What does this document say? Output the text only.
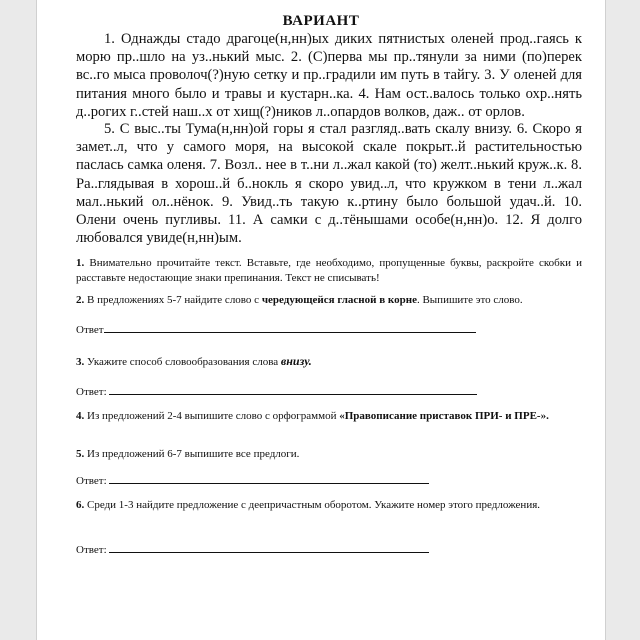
ВАРИАНТ
1. Однажды стадо драгоце(н,нн)ых диких пятнистых оленей прод..гаясь к морю пр..шло на уз..нький мыс. 2. (С)перва мы пр..тянули за ними (по)перек вс..го мыса проволоч(?)ную сетку и пр..градили им путь в тайгу. 3. У оленей для питания много было и травы и кустарн..ка. 4. Нам ост..валось только охр..нять д..рогих г..стей наш..х от хищ(?)ников л..опардов волков, даж.. от орлов.
5. С выс..ты Тума(н,нн)ой горы я стал разгляд..вать скалу внизу. 6. Скоро я замет..л, что у самого моря, на высокой скале покрыт..й растительностью паслась самка оленя. 7. Возл.. нее в т..ни л..жал какой (то) желт..нький круж..к. 8. Ра..глядывая в хорош..й б..нокль я скоро увид..л, что кружком в тени л..жал мал..нький ол..нёнок. 9. Увид..ть такую к..ртину было большой удач..й. 10. Олени очень пугливы. 11. А самки с д..тёнышами особе(н,нн)о. 12. Я долго любовался увиде(н,нн)ым.
1. Внимательно прочитайте текст. Вставьте, где необходимо, пропущенные буквы, раскройте скобки и расставьте недостающие знаки препинания. Текст не списывать!
2. В предложениях 5-7 найдите слово с чередующейся гласной в корне. Выпишите это слово.
Ответ
3. Укажите способ словообразования слова внизу.
Ответ:
4. Из предложений 2-4 выпишите слово с орфограммой «Правописание приставок ПРИ- и ПРЕ-».
5. Из предложений 6-7 выпишите все предлоги.
Ответ:
6. Среди 1-3 найдите предложение с деепричастным оборотом. Укажите номер этого предложения.
Ответ:
